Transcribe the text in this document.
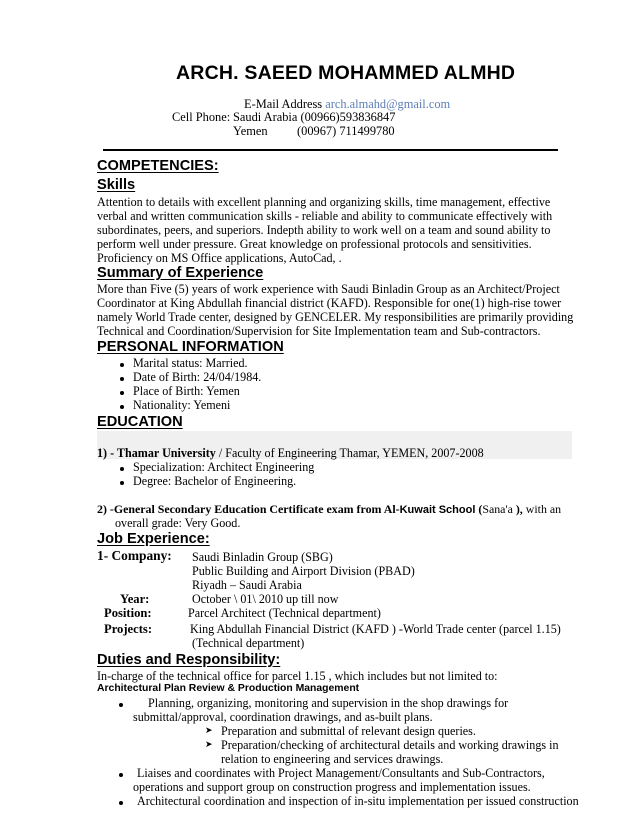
ARCH. SAEED MOHAMMED ALMHD
E-Mail Address arch.almahd@gmail.com
Cell Phone: Saudi Arabia (00966)593836847
Yemen (00967) 711499780
COMPETENCIES:
Skills
Attention to details with excellent planning and organizing skills, time management, effective
verbal and written communication skills - reliable and ability to communicate effectively with
subordinates, peers, and superiors. Indepth ability to work well on a team and sound ability to
perform well under pressure. Great knowledge on professional protocols and sensitivities.
Proficiency on MS Office applications, AutoCad, .
Summary of Experience
More than Five (5) years of work experience with Saudi Binladin Group as an Architect/Project
Coordinator at King Abdullah financial district (KAFD). Responsible for one(1) high-rise tower
namely World Trade center, designed by GENCELER. My responsibilities are primarily providing
Technical and Coordination/Supervision for Site Implementation team and Sub-contractors.
PERSONAL INFORMATION
Marital status: Married.
Date of Birth: 24/04/1984.
Place of Birth: Yemen
Nationality: Yemeni
EDUCATION
1) - Thamar University / Faculty of Engineering Thamar, YEMEN, 2007-2008
Specialization: Architect Engineering
Degree: Bachelor of Engineering.
2) -General Secondary Education Certificate exam from Al-Kuwait School (Sana'a ), with an
overall grade: Very Good.
Job Experience:
1- Company: Saudi Binladin Group (SBG)
Public Building and Airport Division (PBAD)
Riyadh – Saudi Arabia
Year:	October \ 01\ 2010 up till now
Position:	Parcel Architect (Technical department)
Projects:	King Abdullah Financial District (KAFD ) -World Trade center (parcel 1.15)
(Technical department)
Duties and Responsibility:
In-charge of the technical office for parcel 1.15 , which includes but not limited to:
Architectural Plan Review & Production Management
Planning, organizing, monitoring and supervision in the shop drawings for
submittal/approval, coordination drawings, and as-built plans.
➤ Preparation and submittal of relevant design queries.
➤ Preparation/checking of architectural details and working drawings in
relation to engineering and services drawings.
Liaises and coordinates with Project Management/Consultants and Sub-Contractors,
operations and support group on construction progress and implementation issues.
Architectural coordination and inspection of in-situ implementation per issued construction
